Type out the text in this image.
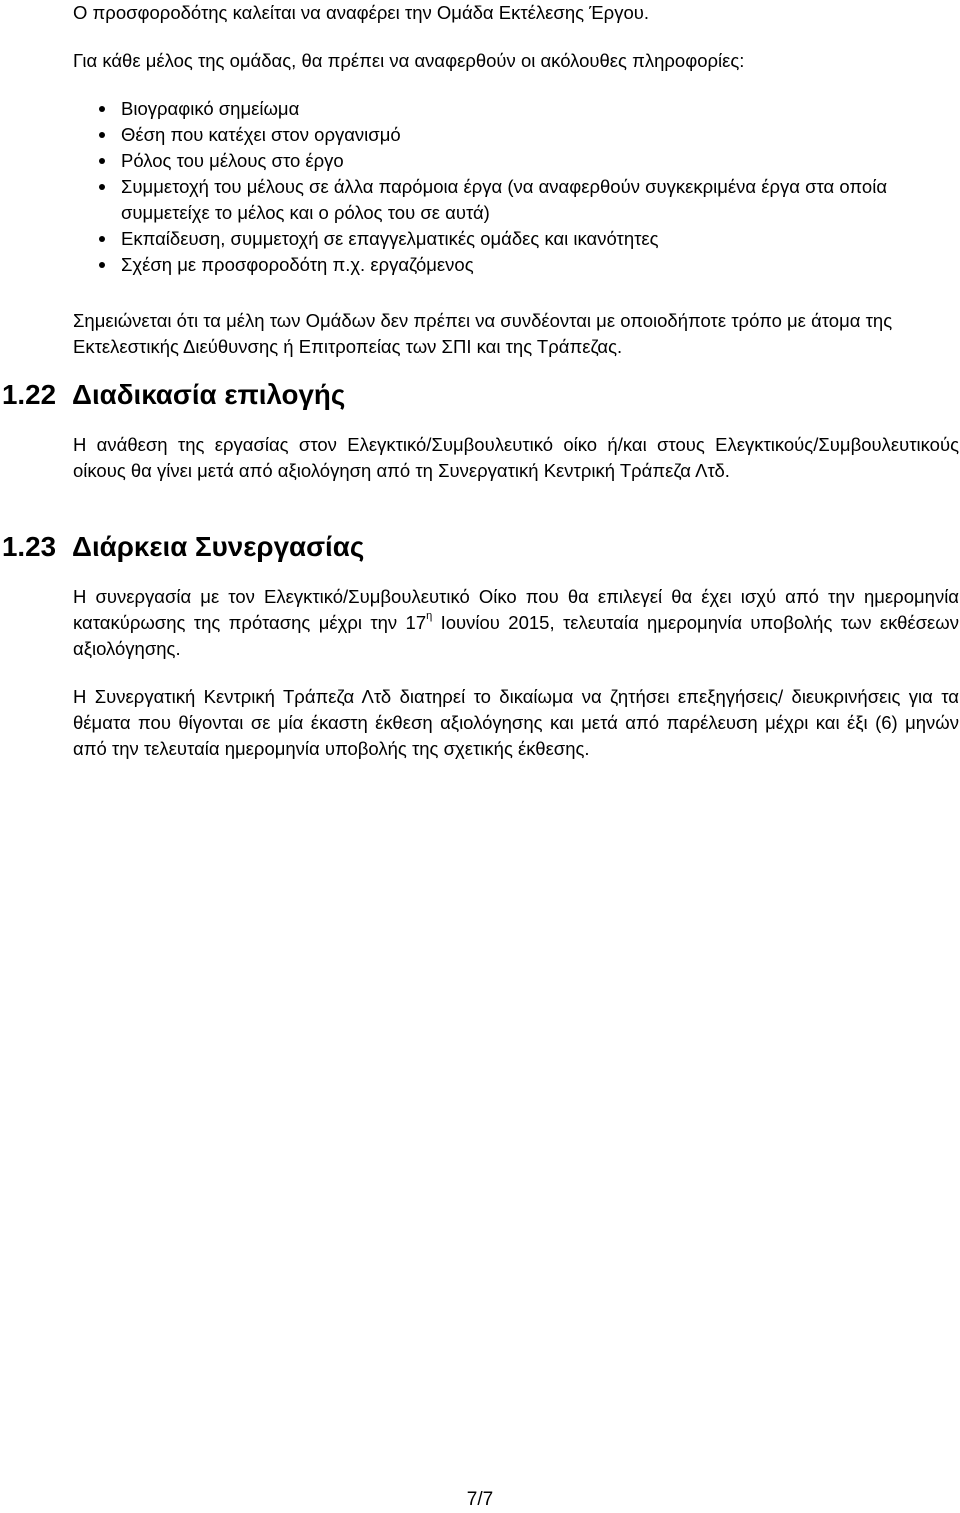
Ο προσφοροδότης καλείται να αναφέρει την Ομάδα Εκτέλεσης Έργου.

Για κάθε μέλος της ομάδας, θα πρέπει να αναφερθούν οι ακόλουθες πληροφορίες:

Βιογραφικό σημείωμα
Θέση που κατέχει στον οργανισμό
Ρόλος του μέλους στο έργο
Συμμετοχή του μέλους σε άλλα παρόμοια έργα (να αναφερθούν συγκεκριμένα έργα στα οποία συμμετείχε το μέλος και ο ρόλος του σε αυτά)
Εκπαίδευση, συμμετοχή σε επαγγελματικές ομάδες και ικανότητες
Σχέση με προσφοροδότη π.χ. εργαζόμενος

Σημειώνεται ότι τα μέλη των Ομάδων δεν πρέπει να συνδέονται με οποιοδήποτε τρόπο με άτομα της Εκτελεστικής Διεύθυνσης ή Επιτροπείας των ΣΠΙ και της Τράπεζας.

1.22 Διαδικασία επιλογής

Η ανάθεση της εργασίας στον Ελεγκτικό/Συμβουλευτικό οίκο ή/και στους Ελεγκτικούς/Συμβουλευτικούς οίκους θα γίνει μετά από αξιολόγηση από τη Συνεργατική Κεντρική Τράπεζα Λτδ.

1.23 Διάρκεια Συνεργασίας

Η συνεργασία με τον Ελεγκτικό/Συμβουλευτικό Οίκο που θα επιλεγεί θα έχει ισχύ από την ημερομηνία κατακύρωσης της πρότασης μέχρι την $17^\eta$ Ιουνίου 2015, τελευταία ημερομηνία υποβολής των εκθέσεων αξιολόγησης.

Η Συνεργατική Κεντρική Τράπεζα Λτδ διατηρεί το δικαίωμα να ζητήσει επεξηγήσεις/ διευκρινήσεις για τα θέματα που θίγονται σε μία έκαστη έκθεση αξιολόγησης και μετά από παρέλευση μέχρι και έξι (6) μηνών από την τελευταία ημερομηνία υποβολής της σχετικής έκθεσης.

7/7
